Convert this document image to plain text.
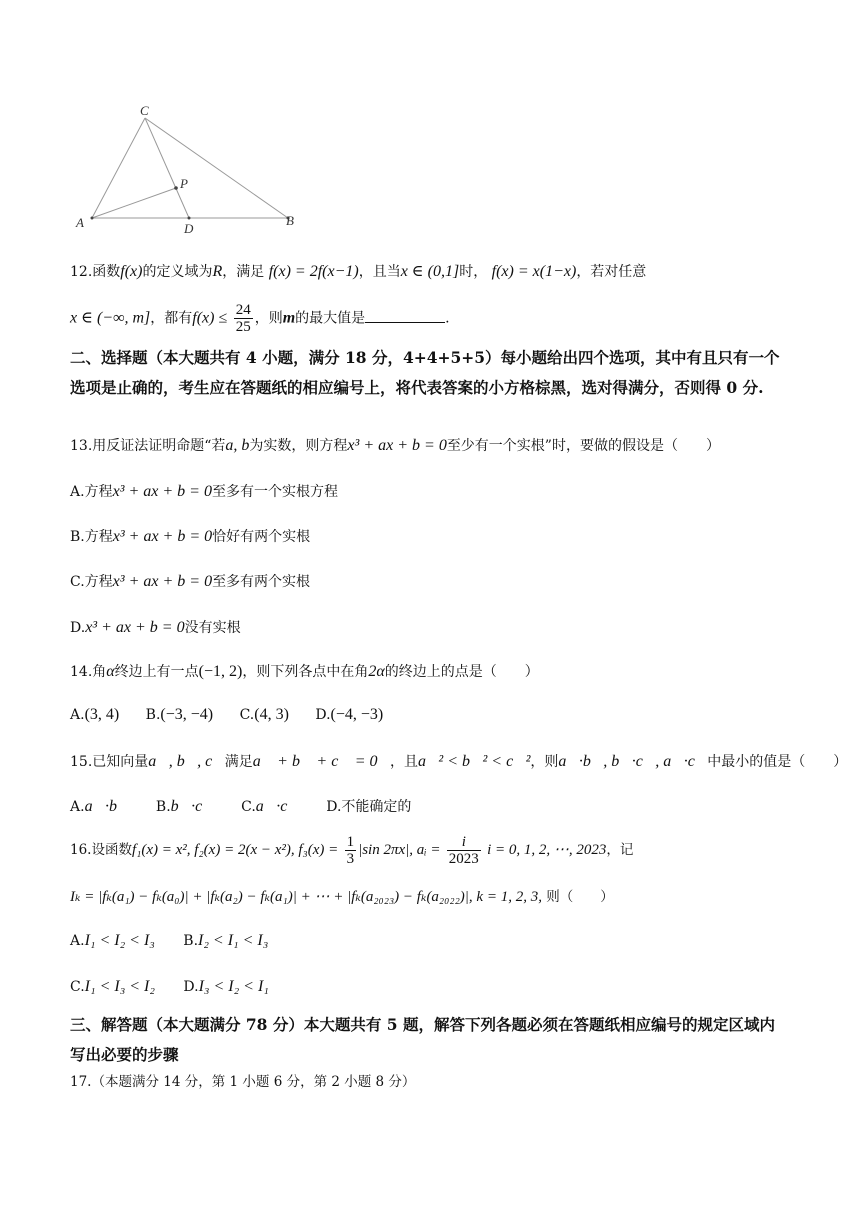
C
P
A	D
B
12.函数f(x)的定义域为R，满足 f(x) = 2f(x−1)，且当x ∈ (0,1]时， f(x) = x(1−x)，若对任意
x ∈ (−∞, m]，都有$f(x) \le \frac{24}{25}$ ，则m的最大值是	.
二、选择题（本大题共有 4 小题，满分 18 分，4+4+5+5）每小题给出四个选项，其中有且只有一个选项是止确的，考生应在答题纸的相应编号上，将代表答案的小方格棕黑，选对得满分，否则得 0 分.
13.用反证法证明命题“若a, b为实数，则方程x³ + ax + b = 0至少有一个实根”时，要做的假设是（　　）
A.方程x³ + ax + b = 0至多有一个实根方程
B.方程x³ + ax + b = 0恰好有两个实根
C.方程x³ + ax + b = 0至多有两个实根
D.x³ + ax + b = 0没有实根
14.角α终边上有一点(−1, 2)，则下列各点中在角2α的终边上的点是（　　）
A.(3, 4) B.(−3, −4) C.(4, 3) D.(−4, −3)
15.已知向量a⃗, b⃗, c⃗满足a⃗ + b⃗ + c⃗ = 0⃗，且a⃗² < b⃗² < c⃗²，则a⃗·b⃗, b⃗·c⃗, a⃗·c⃗中最小的值是（　　）
A.a⃗·b⃗ B.b⃗·c⃗ C.a⃗·c⃗ D.不能确定的
16.设函数f₁(x) = x², f₂(x) = 2(x − x²), $f_3(x) = \frac{1}{3} |\sin$ 2πx|, aᵢ = $\frac{i}{2023}$ i = 0, 1, 2, ⋯, 2023，记
Iₖ = |fₖ(a₁) − fₖ(a₀)| + |fₖ(a₂) − fₖ(a₁)| + ⋯ + |fₖ(a₂₀₂₃) − fₖ(a₂₀₂₂)|, k = 1, 2, 3, 则（　　）
A.I₁ < I₂ < I₃ B.I₂ < I₁ < I₃
C.I₁ < I₃ < I₂ D.I₃ < I₂ < I₁
三、解答题（本大题满分 78 分）本大题共有 5 题，解答下列各题必须在答题纸相应编号的规定区域内写出必要的步骤
17.（本题满分 14 分，第 1 小题 6 分，第 2 小题 8 分）
